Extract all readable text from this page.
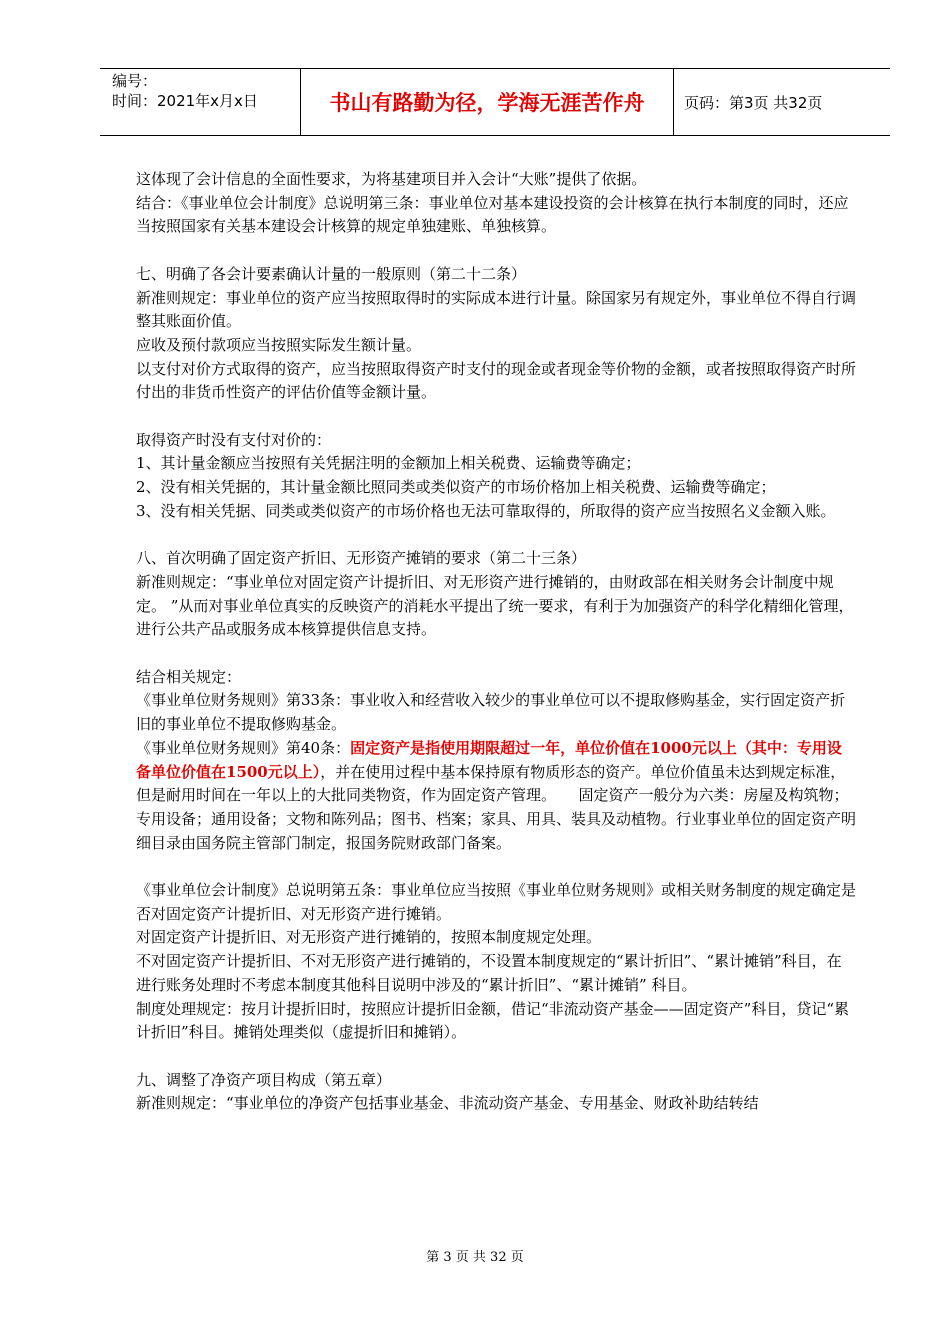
编号：
时间：2021年x月x日	书山有路勤为径，学海无涯苦作舟	页码：第3页 共32页

这体现了会计信息的全面性要求，为将基建项目并入会计“大账”提供了依据。

结合：《事业单位会计制度》总说明第三条：事业单位对基本建设投资的会计核算在执行本制度的同时，还应当按照国家有关基本建设会计核算的规定单独建账、单独核算。

七、明确了各会计要素确认计量的一般原则（第二十二条）

新准则规定：事业单位的资产应当按照取得时的实际成本进行计量。除国家另有规定外，事业单位不得自行调整其账面价值。

应收及预付款项应当按照实际发生额计量。

以支付对价方式取得的资产，应当按照取得资产时支付的现金或者现金等价物的金额，或者按照取得资产时所付出的非货币性资产的评估价值等金额计量。

取得资产时没有支付对价的：

1、其计量金额应当按照有关凭据注明的金额加上相关税费、运输费等确定；

2、没有相关凭据的，其计量金额比照同类或类似资产的市场价格加上相关税费、运输费等确定；

3、没有相关凭据、同类或类似资产的市场价格也无法可靠取得的，所取得的资产应当按照名义金额入账。

八、首次明确了固定资产折旧、无形资产摊销的要求（第二十三条）

新准则规定：“事业单位对固定资产计提折旧、对无形资产进行摊销的，由财政部在相关财务会计制度中规定。 ”从而对事业单位真实的反映资产的消耗水平提出了统一要求，有利于为加强资产的科学化精细化管理，进行公共产品或服务成本核算提供信息支持。

结合相关规定：

《事业单位财务规则》第33条：事业收入和经营收入较少的事业单位可以不提取修购基金，实行固定资产折旧的事业单位不提取修购基金。

《事业单位财务规则》第40条：固定资产是指使用期限超过一年，单位价值在1000元以上（其中：专用设备单位价值在1500元以上），并在使用过程中基本保持原有物质形态的资产。单位价值虽未达到规定标准，但是耐用时间在一年以上的大批同类物资，作为固定资产管理。　　固定资产一般分为六类：房屋及构筑物；专用设备；通用设备；文物和陈列品；图书、档案；家具、用具、装具及动植物。行业事业单位的固定资产明细目录由国务院主管部门制定，报国务院财政部门备案。

《事业单位会计制度》总说明第五条：事业单位应当按照《事业单位财务规则》或相关财务制度的规定确定是否对固定资产计提折旧、对无形资产进行摊销。

对固定资产计提折旧、对无形资产进行摊销的，按照本制度规定处理。

不对固定资产计提折旧、不对无形资产进行摊销的，不设置本制度规定的“累计折旧”、“累计摊销”科目，在进行账务处理时不考虑本制度其他科目说明中涉及的“累计折旧”、“累计摊销” 科目。

制度处理规定：按月计提折旧时，按照应计提折旧金额，借记“非流动资产基金——固定资产”科目，贷记“累计折旧”科目。摊销处理类似（虚提折旧和摊销）。

九、调整了净资产项目构成（第五章）

新准则规定：“事业单位的净资产包括事业基金、非流动资产基金、专用基金、财政补助结转结

第 3 页 共 32 页
